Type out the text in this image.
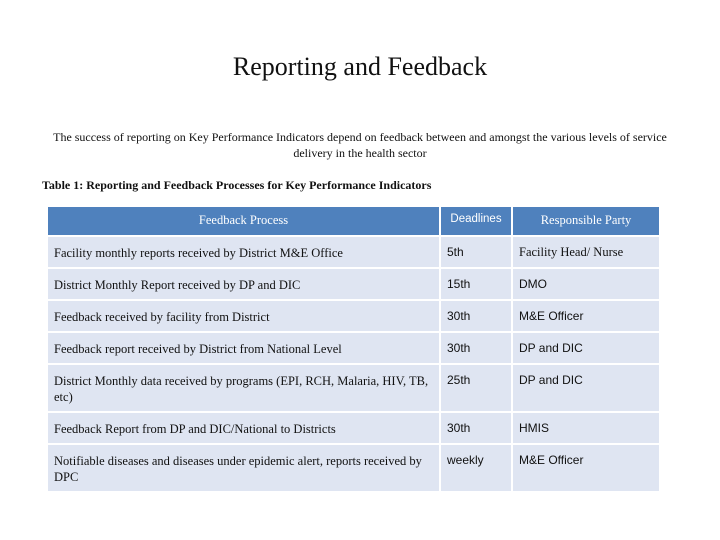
Reporting and Feedback
The success of reporting on Key Performance Indicators depend on feedback between and amongst the various levels of service delivery in the health sector
Table 1: Reporting and Feedback Processes for Key Performance Indicators
Feedback Process	Deadlines	Responsible Party
Facility monthly reports received by District M&E Office	5th	Facility Head/ Nurse
District Monthly Report received by DP and DIC	15th	DMO
Feedback received by facility from District	30th	M&E Officer
Feedback report received by District from National Level	30th	DP and DIC
District Monthly data received by programs (EPI, RCH, Malaria, HIV, TB, etc)	25th	DP and DIC
Feedback Report from DP and DIC/National to Districts	30th	HMIS
Notifiable diseases and diseases under epidemic alert, reports received by DPC	weekly	M&E Officer
